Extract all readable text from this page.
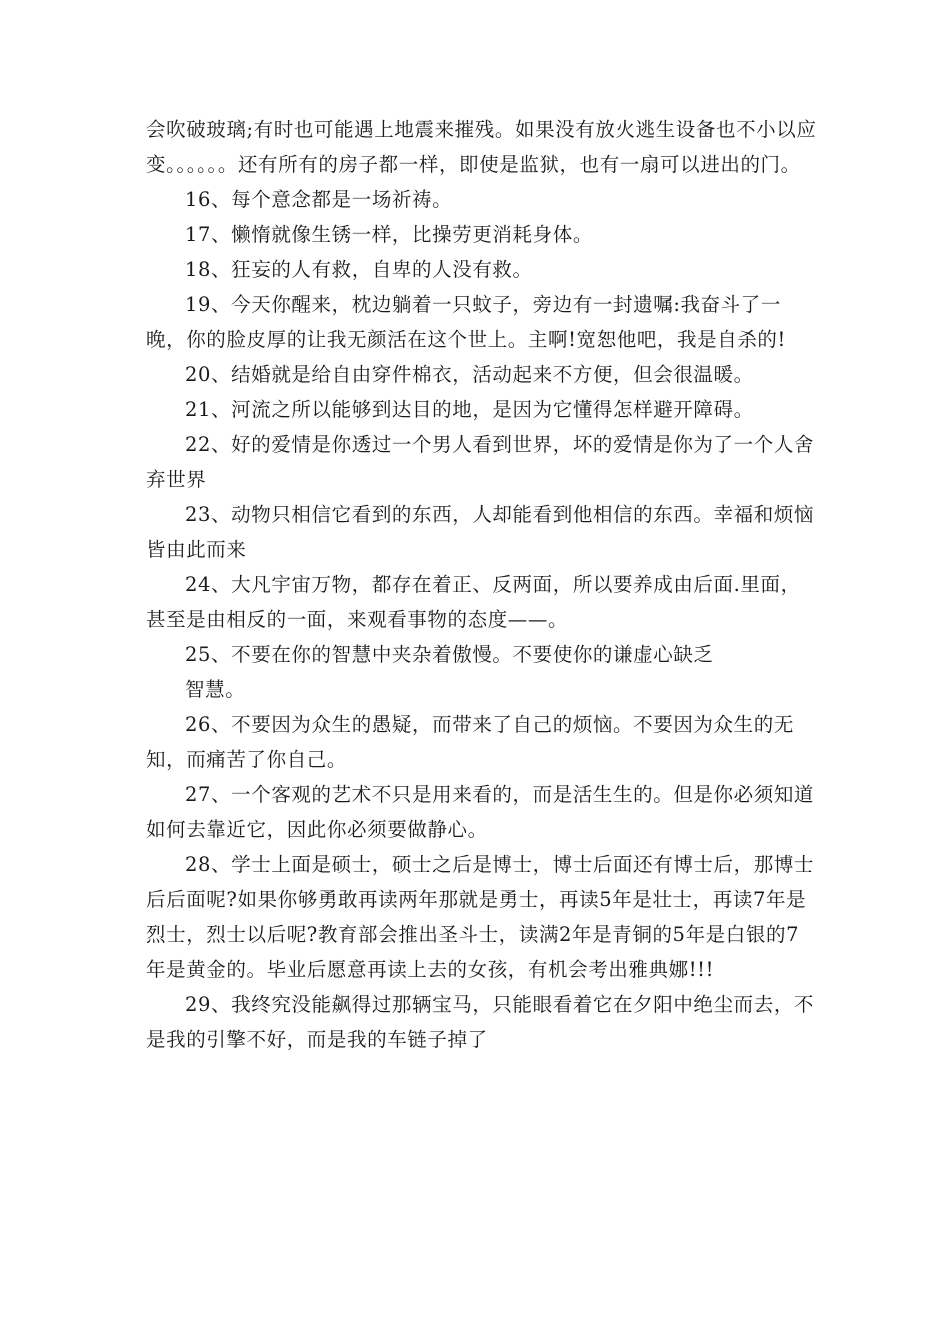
会吹破玻璃;有时也可能遇上地震来摧残。如果没有放火逃生设备也不小以应变。。。。。。还有所有的房子都一样，即使是监狱，也有一扇可以进出的门。

16、每个意念都是一场祈祷。

17、懒惰就像生锈一样，比操劳更消耗身体。

18、狂妄的人有救，自卑的人没有救。

19、今天你醒来，枕边躺着一只蚊子，旁边有一封遗嘱:我奋斗了一晚，你的脸皮厚的让我无颜活在这个世上。主啊!宽恕他吧，我是自杀的!

20、结婚就是给自由穿件棉衣，活动起来不方便，但会很温暖。

21、河流之所以能够到达目的地，是因为它懂得怎样避开障碍。

22、好的爱情是你透过一个男人看到世界，坏的爱情是你为了一个人舍弃世界

23、动物只相信它看到的东西，人却能看到他相信的东西。幸福和烦恼皆由此而来

24、大凡宇宙万物，都存在着正、反两面，所以要养成由后面.里面，甚至是由相反的一面，来观看事物的态度——。

25、不要在你的智慧中夹杂着傲慢。不要使你的谦虚心缺乏

智慧。

26、不要因为众生的愚疑，而带来了自己的烦恼。不要因为众生的无知，而痛苦了你自己。

27、一个客观的艺术不只是用来看的，而是活生生的。但是你必须知道如何去靠近它，因此你必须要做静心。

28、学士上面是硕士，硕士之后是博士，博士后面还有博士后，那博士后后面呢?如果你够勇敢再读两年那就是勇士，再读5年是壮士，再读7年是烈士，烈士以后呢?教育部会推出圣斗士，读满2年是青铜的5年是白银的7年是黄金的。毕业后愿意再读上去的女孩，有机会考出雅典娜!!!

29、我终究没能飙得过那辆宝马，只能眼看着它在夕阳中绝尘而去，不是我的引擎不好，而是我的车链子掉了
